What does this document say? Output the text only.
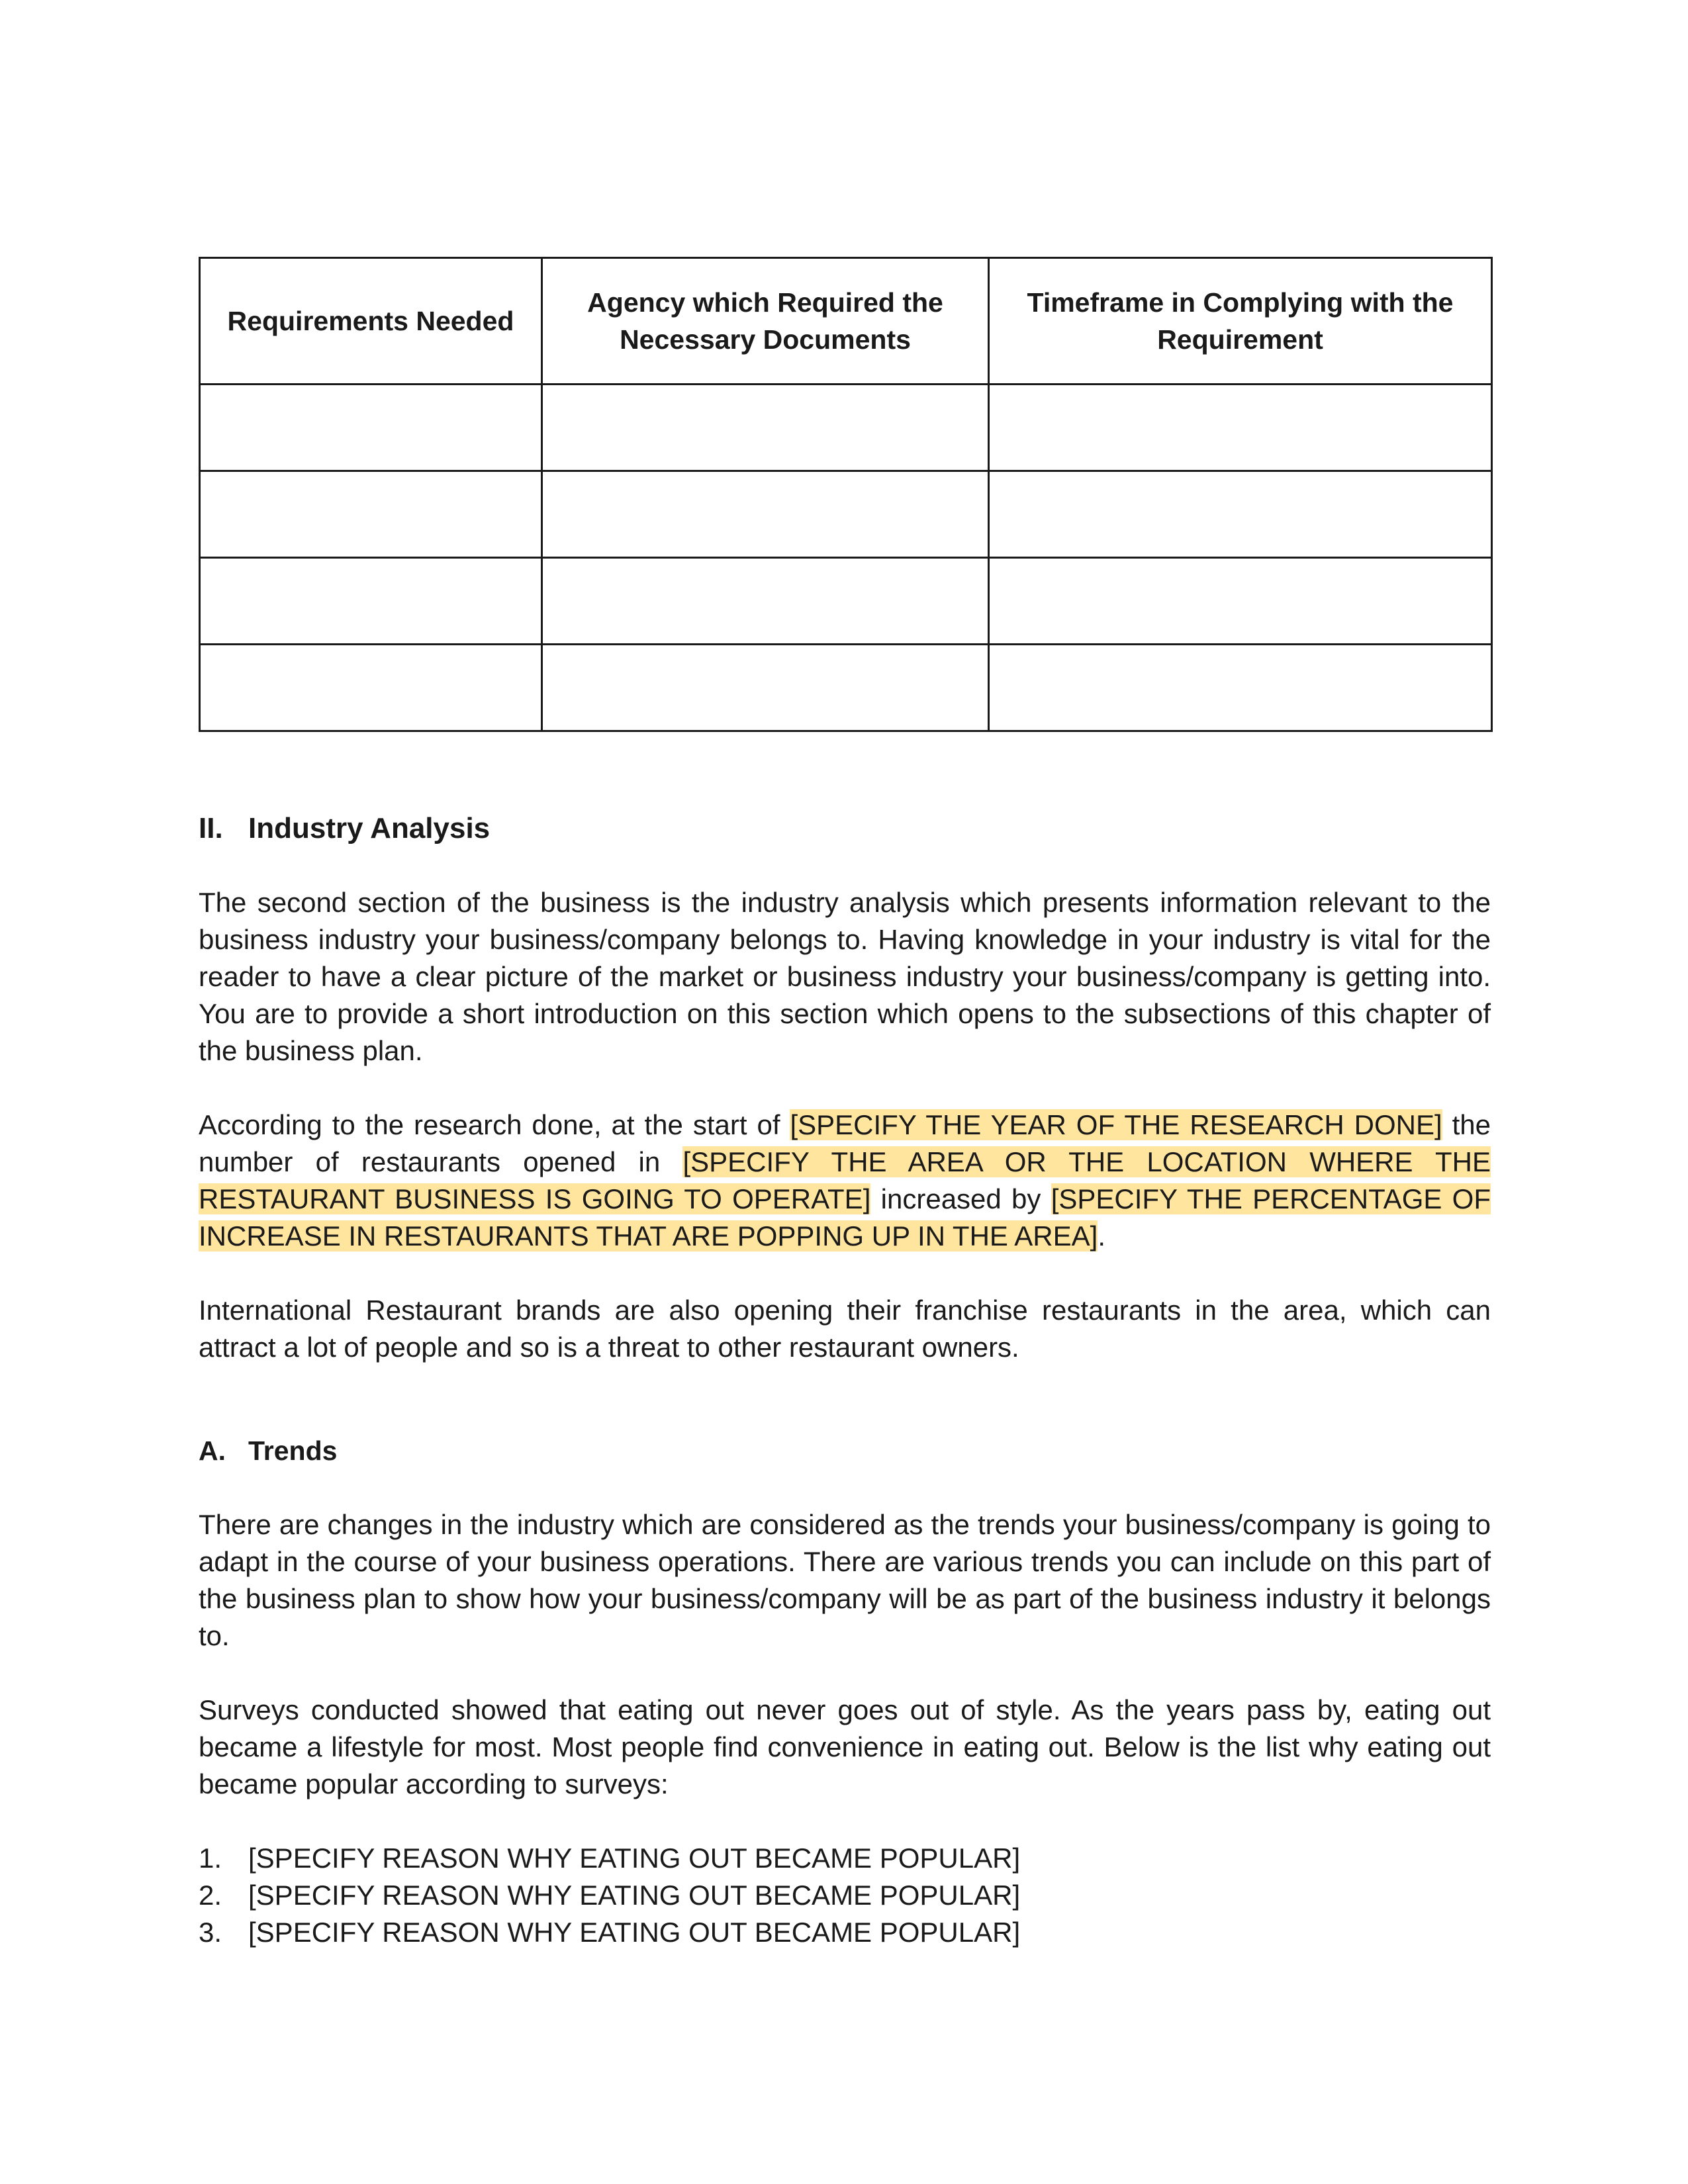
Requirements Needed	Agency which Required the Necessary Documents	Timeframe in Complying with the Requirement

II. Industry Analysis

The second section of the business is the industry analysis which presents information relevant to the business industry your business/company belongs to. Having knowledge in your industry is vital for the reader to have a clear picture of the market or business industry your business/company is getting into. You are to provide a short introduction on this section which opens to the subsections of this chapter of the business plan.

According to the research done, at the start of [SPECIFY THE YEAR OF THE RESEARCH DONE] the number of restaurants opened in [SPECIFY THE AREA OR THE LOCATION WHERE THE RESTAURANT BUSINESS IS GOING TO OPERATE] increased by [SPECIFY THE PERCENTAGE OF INCREASE IN RESTAURANTS THAT ARE POPPING UP IN THE AREA].

International Restaurant brands are also opening their franchise restaurants in the area, which can attract a lot of people and so is a threat to other restaurant owners.

A. Trends

There are changes in the industry which are considered as the trends your business/company is going to adapt in the course of your business operations. There are various trends you can include on this part of the business plan to show how your business/company will be as part of the business industry it belongs to.

Surveys conducted showed that eating out never goes out of style. As the years pass by, eating out became a lifestyle for most. Most people find convenience in eating out. Below is the list why eating out became popular according to surveys:

1. [SPECIFY REASON WHY EATING OUT BECAME POPULAR]
2. [SPECIFY REASON WHY EATING OUT BECAME POPULAR]
3. [SPECIFY REASON WHY EATING OUT BECAME POPULAR]
